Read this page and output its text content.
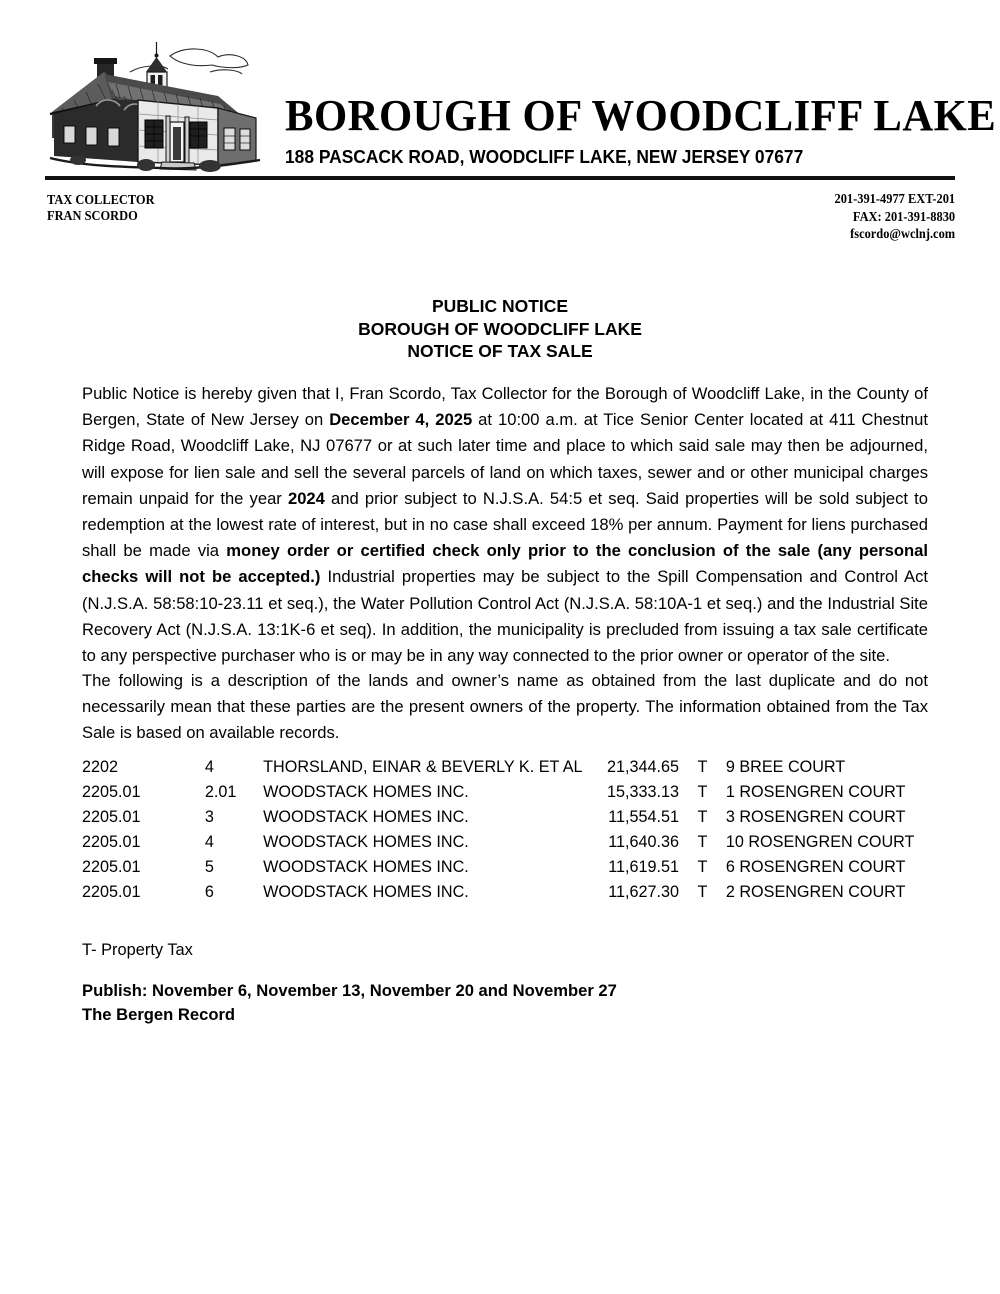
BOROUGH OF WOODCLIFF LAKE
188 PASCACK ROAD, WOODCLIFF LAKE, NEW JERSEY 07677
TAX COLLECTOR
FRAN SCORDO
201-391-4977 EXT-201
FAX: 201-391-8830
fscordo@wclnj.com
PUBLIC NOTICE
BOROUGH OF WOODCLIFF LAKE
NOTICE OF TAX SALE

Public Notice is hereby given that I, Fran Scordo, Tax Collector for the Borough of Woodcliff Lake, in the County of Bergen, State of New Jersey on December 4, 2025 at 10:00 a.m. at Tice Senior Center located at 411 Chestnut Ridge Road, Woodcliff Lake, NJ 07677 or at such later time and place to which said sale may then be adjourned, will expose for lien sale and sell the several parcels of land on which taxes, sewer and or other municipal charges remain unpaid for the year 2024 and prior subject to N.J.S.A. 54:5 et seq. Said properties will be sold subject to redemption at the lowest rate of interest, but in no case shall exceed 18% per annum. Payment for liens purchased shall be made via money order or certified check only prior to the conclusion of the sale (any personal checks will not be accepted.) Industrial properties may be subject to the Spill Compensation and Control Act (N.J.S.A. 58:58:10-23.11 et seq.), the Water Pollution Control Act (N.J.S.A. 58:10A-1 et seq.) and the Industrial Site Recovery Act (N.J.S.A. 13:1K-6 et seq). In addition, the municipality is precluded from issuing a tax sale certificate to any perspective purchaser who is or may be in any way connected to the prior owner or operator of the site.

The following is a description of the lands and owner’s name as obtained from the last duplicate and do not necessarily mean that these parties are the present owners of the property. The information obtained from the Tax Sale is based on available records.

2202	4	THORSLAND, EINAR & BEVERLY K. ET AL	21,344.65	T	9 BREE COURT
2205.01	2.01	WOODSTACK HOMES INC.	15,333.13	T	1 ROSENGREN COURT
2205.01	3	WOODSTACK HOMES INC.	11,554.51	T	3 ROSENGREN COURT
2205.01	4	WOODSTACK HOMES INC.	11,640.36	T	10 ROSENGREN COURT
2205.01	5	WOODSTACK HOMES INC.	11,619.51	T	6 ROSENGREN COURT
2205.01	6	WOODSTACK HOMES INC.	11,627.30	T	2 ROSENGREN COURT
T- Property Tax
Publish: November 6, November 13, November 20 and November 27
The Bergen Record
